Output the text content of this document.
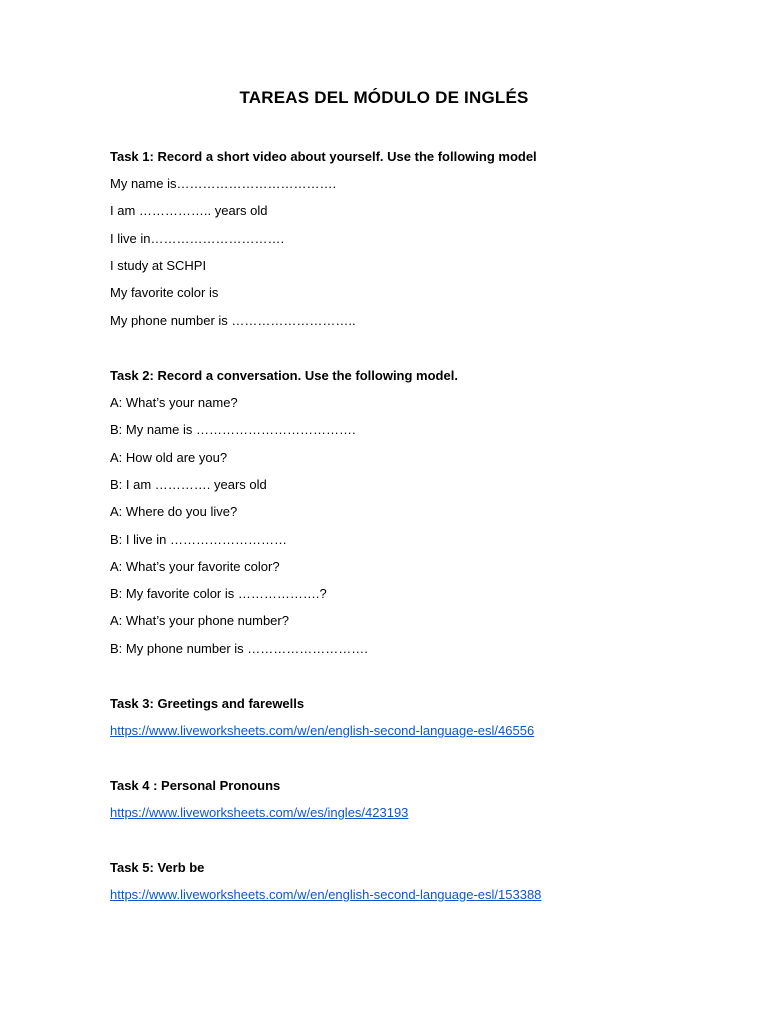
TAREAS DEL MÓDULO DE INGLÉS
Task 1: Record a short video about yourself. Use the following model
My name is……………………………….
I am …………….. years old
I live in………………………….
I study at SCHPI
My favorite color is
My phone number is ………………………..
Task 2: Record a conversation. Use the following model.
A: What’s your name?
B: My name is ……………………………….
A: How old are you?
B: I am …………. years old
A: Where do you live?
B: I live in ………………………
A: What’s your favorite color?
B: My favorite color is ……………….?
A: What’s your phone number?
B: My phone number is ……………………….
Task 3: Greetings and farewells
https://www.liveworksheets.com/w/en/english-second-language-esl/46556
Task 4 : Personal Pronouns
https://www.liveworksheets.com/w/es/ingles/423193
Task 5: Verb be
https://www.liveworksheets.com/w/en/english-second-language-esl/153388
